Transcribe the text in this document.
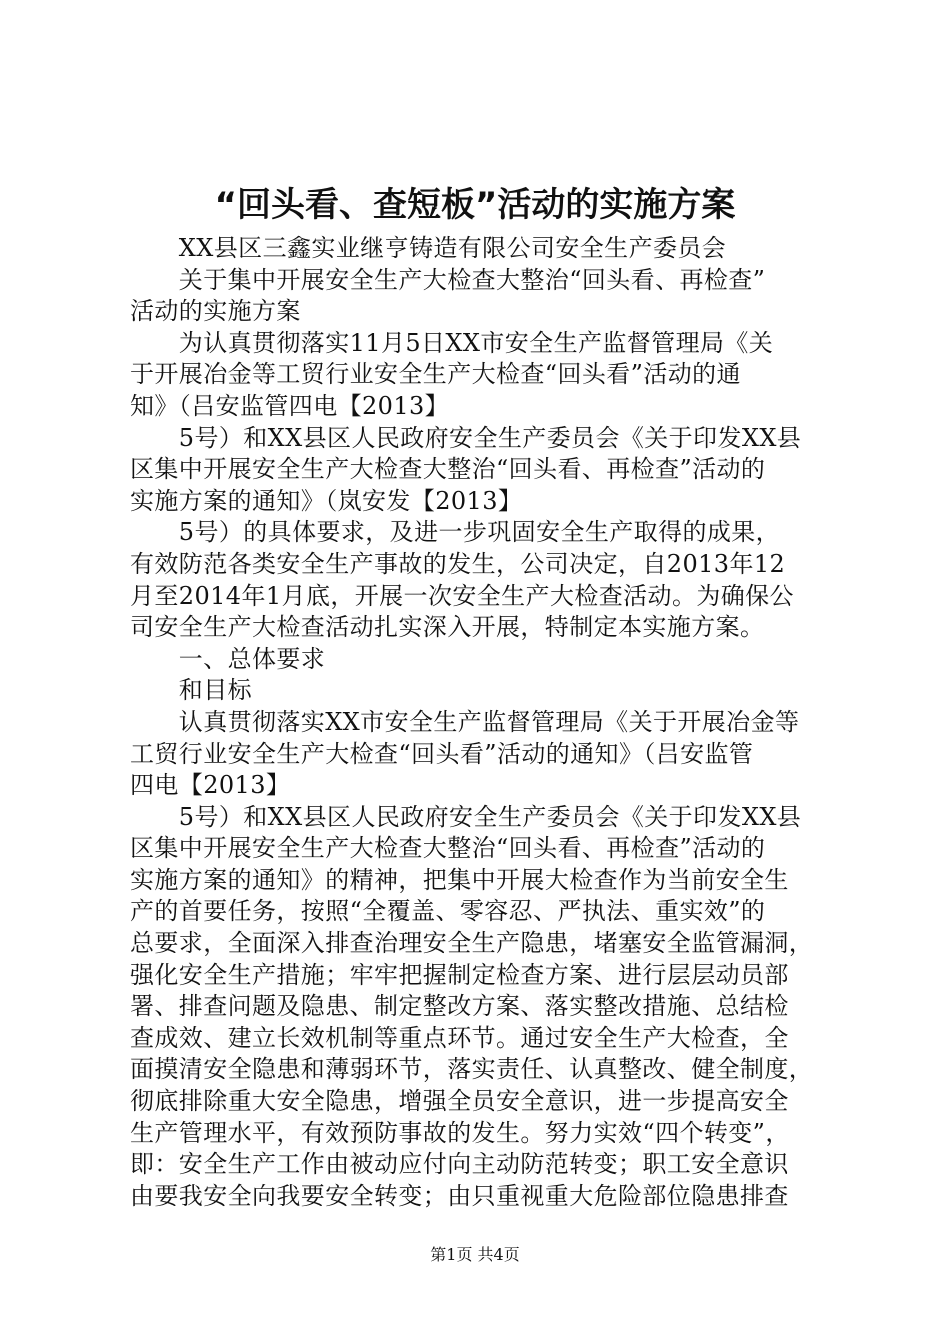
“回头看、查短板”活动的实施方案
　　XX县区三鑫实业继亨铸造有限公司安全生产委员会
　　关于集中开展安全生产大检查大整治“回头看、再检查”
活动的实施方案
　　为认真贯彻落实11月5日XX市安全生产监督管理局《关
于开展冶金等工贸行业安全生产大检查“回头看”活动的通
知》（吕安监管四电【2013】
　　5号）和XX县区人民政府安全生产委员会《关于印发XX县
区集中开展安全生产大检查大整治“回头看、再检查”活动的
实施方案的通知》（岚安发【2013】
　　5号）的具体要求，及进一步巩固安全生产取得的成果，
有效防范各类安全生产事故的发生，公司决定，自2013年12
月至2014年1月底，开展一次安全生产大检查活动。为确保公
司安全生产大检查活动扎实深入开展，特制定本实施方案。
　　一、总体要求
　　和目标
　　认真贯彻落实XX市安全生产监督管理局《关于开展冶金等
工贸行业安全生产大检查“回头看”活动的通知》（吕安监管
四电【2013】
　　5号）和XX县区人民政府安全生产委员会《关于印发XX县
区集中开展安全生产大检查大整治“回头看、再检查”活动的
实施方案的通知》的精神，把集中开展大检查作为当前安全生
产的首要任务，按照“全覆盖、零容忍、严执法、重实效”的
总要求，全面深入排查治理安全生产隐患，堵塞安全监管漏洞，
强化安全生产措施；牢牢把握制定检查方案、进行层层动员部
署、排查问题及隐患、制定整改方案、落实整改措施、总结检
查成效、建立长效机制等重点环节。通过安全生产大检查，全
面摸清安全隐患和薄弱环节，落实责任、认真整改、健全制度，
彻底排除重大安全隐患，增强全员安全意识，进一步提高安全
生产管理水平，有效预防事故的发生。努力实效“四个转变”，
即：安全生产工作由被动应付向主动防范转变；职工安全意识
由要我安全向我要安全转变；由只重视重大危险部位隐患排查
第1页 共4页
